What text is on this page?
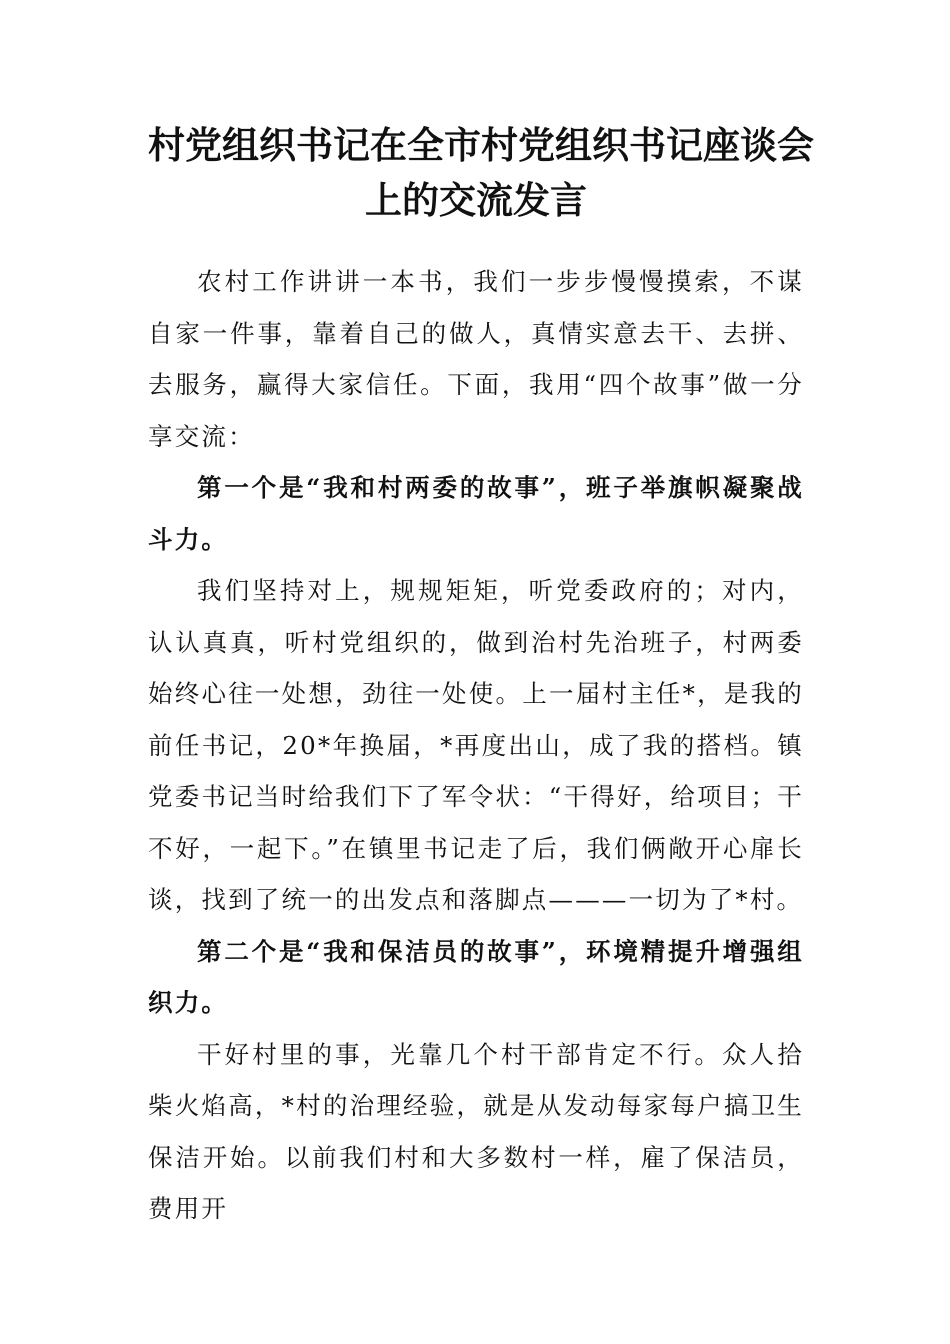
村党组织书记在全市村党组织书记座谈会
上的交流发言

农村工作讲讲一本书，我们一步步慢慢摸索，不谋自家一件事，靠着自己的做人，真情实意去干、去拼、去服务，赢得大家信任。下面，我用“四个故事”做一分享交流：

第一个是“我和村两委的故事”，班子举旗帜凝聚战斗力。

我们坚持对上，规规矩矩，听党委政府的；对内，认认真真，听村党组织的，做到治村先治班子，村两委始终心往一处想，劲往一处使。上一届村主任*，是我的前任书记，20*年换届，*再度出山，成了我的搭档。镇党委书记当时给我们下了军令状：“干得好，给项目；干不好，一起下。”在镇里书记走了后，我们俩敞开心扉长谈，找到了统一的出发点和落脚点———一切为了*村。

第二个是“我和保洁员的故事”，环境精提升增强组织力。

干好村里的事，光靠几个村干部肯定不行。众人拾柴火焰高，*村的治理经验，就是从发动每家每户搞卫生保洁开始。以前我们村和大多数村一样，雇了保洁员，费用开
